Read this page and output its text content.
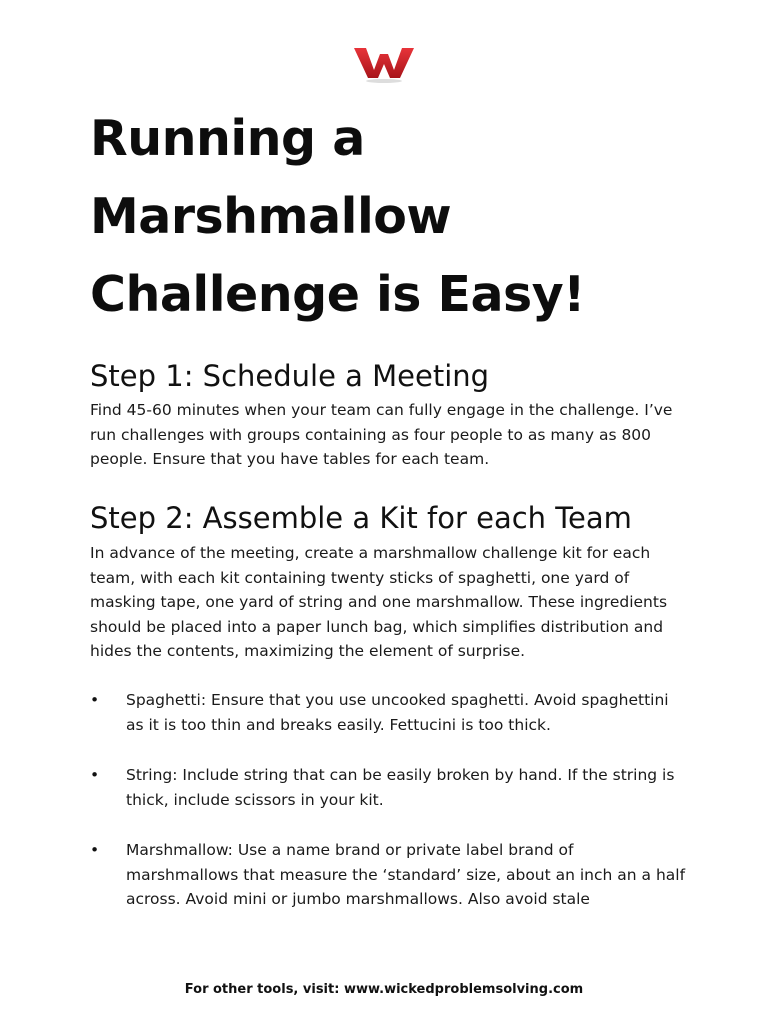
Running a
Marshmallow
Challenge is Easy!
Step 1: Schedule a Meeting

Find 45-60 minutes when your team can fully engage in the challenge. I’ve
run challenges with groups containing as four people to as many as 800
people. Ensure that you have tables for each team.

Step 2: Assemble a Kit for each Team

In advance of the meeting, create a marshmallow challenge kit for each
team, with each kit containing twenty sticks of spaghetti, one yard of
masking tape, one yard of string and one marshmallow. These ingredients
should be placed into a paper lunch bag, which simplifies distribution and
hides the contents, maximizing the element of surprise.

• Spaghetti: Ensure that you use uncooked spaghetti. Avoid spaghettini
as it is too thin and breaks easily. Fettucini is too thick.
• String: Include string that can be easily broken by hand. If the string is
thick, include scissors in your kit.
• Marshmallow: Use a name brand or private label brand of
marshmallows that measure the ‘standard’ size, about an inch an a half
across. Avoid mini or jumbo marshmallows. Also avoid stale
For other tools, visit: www.wickedproblemsolving.com
